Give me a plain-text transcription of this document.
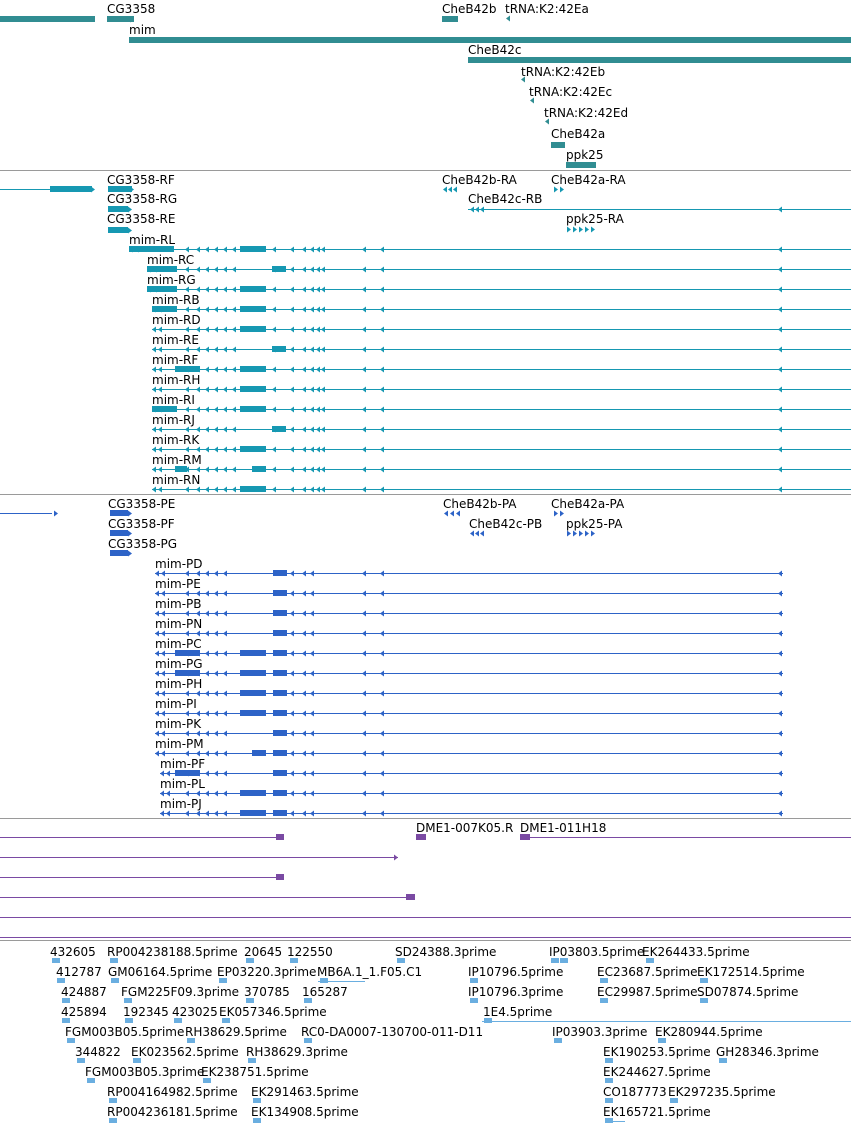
CG3358
mim
CheB42b tRNA:K2:42Ea
CheB42c
tRNA:K2:42Eb
tRNA:K2:42Ec
tRNA:K2:42Ed
CheB42a
ppk25
CG3358-RF
CG3358-RG
CG3358-RE
CheB42b-RA	CheB42a-RA
CheB42c-RB
ppk25-RA
mim-RL
mim-RC
mim-RG
mim-RB
mim-RD
mim-RE
mim-RF
mim-RH
mim-RI
mim-RJ
mim-RK
mim-RM
mim-RN
CG3358-PE
CG3358-PF
CG3358-PG
CheB42b-PA	CheB42a-PA
CheB42c-PB ppk25-PA
mim-PD
mim-PE
mim-PB
mim-PN
mim-PC
mim-PG
mim-PH
mim-PI
mim-PK
mim-PM
mim-PF
mim-PL
mim-PJ
DME1-007K05.R DME1-011H18
432605 RP004238188.5prime 20645 122550	SD24388.3prime	IP03803.5prime
EK264433.5prime
412787 GM06164.5prime EP03220.3prime MB6A.1_1.F05.C1	IP10796.5prime	EC23687.5prime EK172514.5prime
424887 FGM225F09.3prime 370785 165287	IP10796.3prime	EC29987.5prime SD07874.5prime
425894 192345 423025 EK057346.5prime	1E4.5prime
FGM003B05.5prime RH38629.5prime RC0-DA0007-130700-011-D11	IP03903.3prime EK280944.5prime
344822 EK023562.5prime RH38629.3prime	EK190253.5prime GH28346.3prime
FGM003B05.3prime
EK238751.5prime	EK244627.5prime
RP004164982.5prime EK291463.5prime	CO187773 EK297235.5prime
RP004236181.5prime EK134908.5prime	EK165721.5prime
